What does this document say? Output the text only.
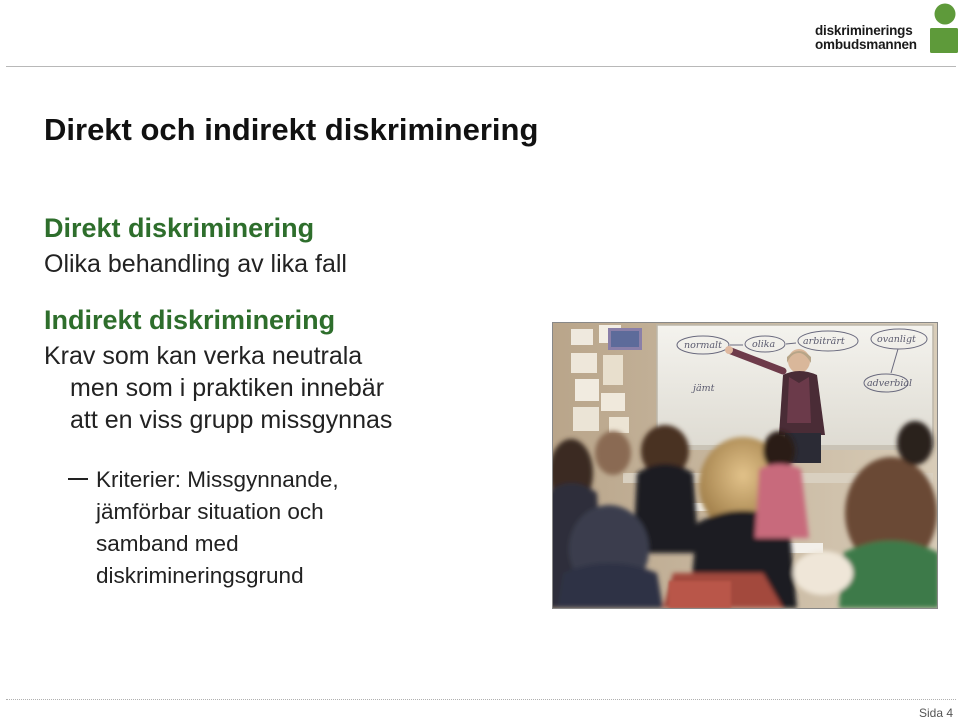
diskriminerings
ombudsmannen
Direkt och indirekt diskriminering
Direkt diskriminering
Olika behandling av lika fall
Indirekt diskriminering
Krav som kan verka neutrala
men som i praktiken innebär
att en viss grupp missgynnas
Kriterier: Missgynnande,
jämförbar situation och
samband med
diskrimineringsgrund
normalt	olika	arbiträrt	ovanligt
jämt	adverbial
Sida 4
